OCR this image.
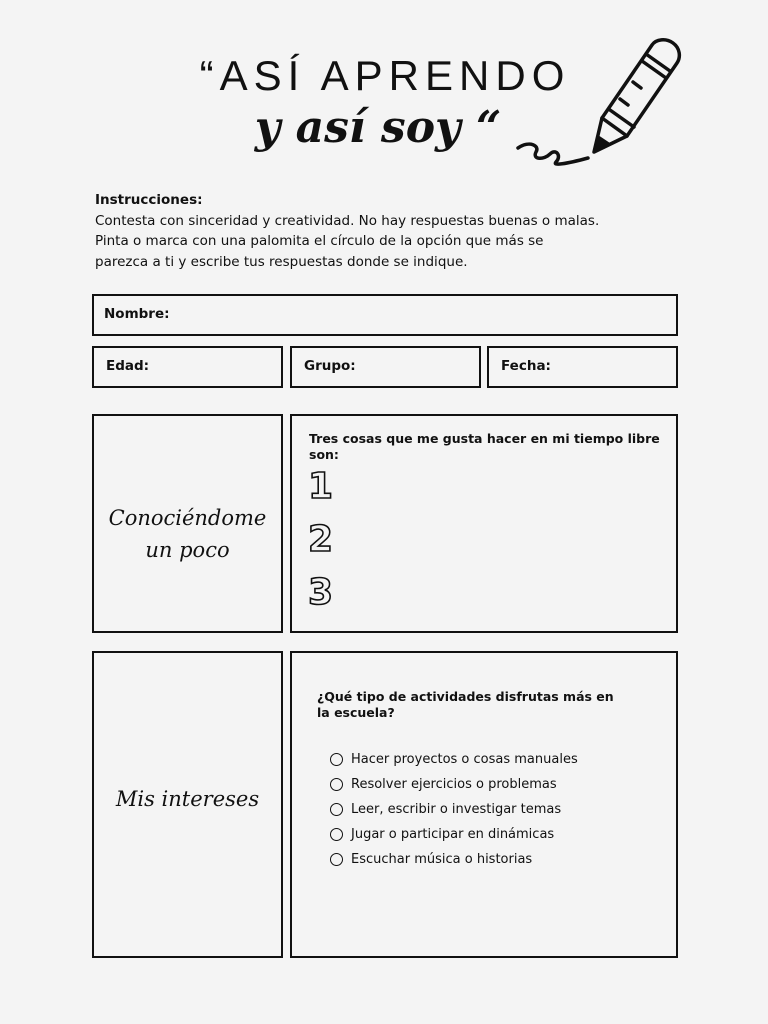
“ASÍ APRENDO
y así soy “
Instrucciones:
Contesta con sinceridad y creatividad. No hay respuestas buenas o malas.
Pinta o marca con una palomita el círculo de la opción que más se
parezca a ti y escribe tus respuestas donde se indique.
Nombre:
Edad:	Grupo:	Fecha:
Conociéndome un poco
Tres cosas que me gusta hacer en mi tiempo libre son:
1
2
3
Mis intereses
¿Qué tipo de actividades disfrutas más en la escuela?
Hacer proyectos o cosas manuales
Resolver ejercicios o problemas
Leer, escribir o investigar temas
Jugar o participar en dinámicas
Escuchar música o historias
